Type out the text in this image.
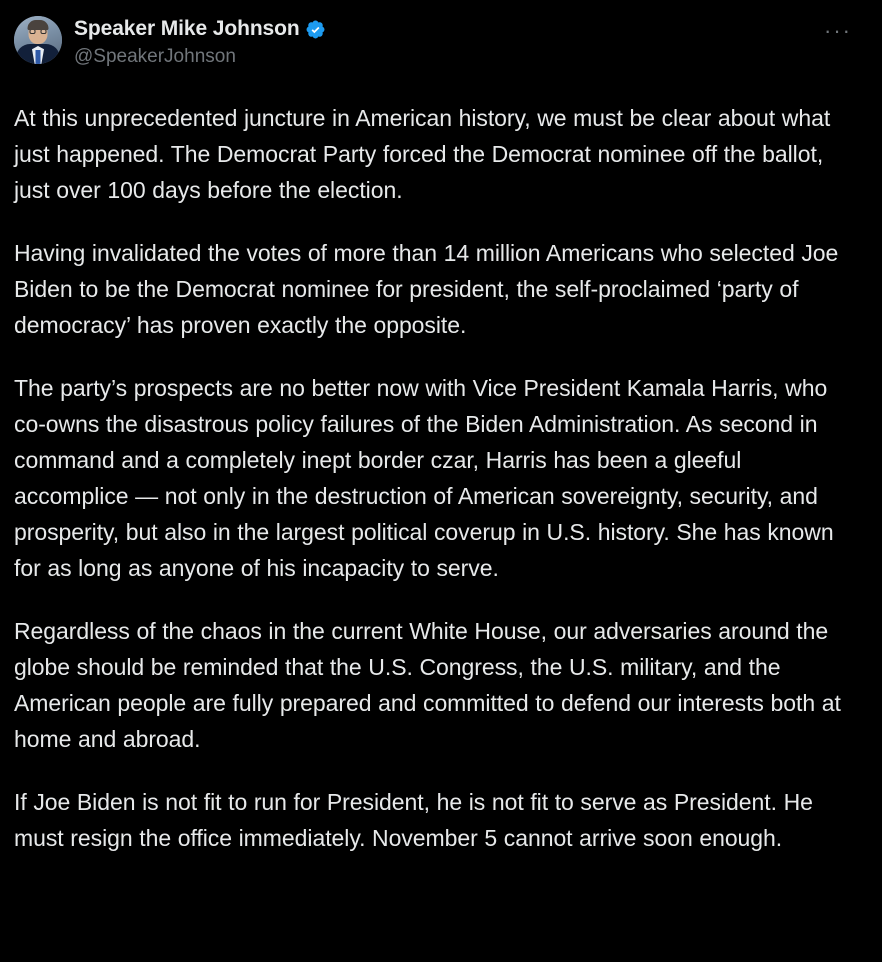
Speaker Mike Johnson
@SpeakerJohnson
···

At this unprecedented juncture in American history, we must be clear about what just happened. The Democrat Party forced the Democrat nominee off the ballot, just over 100 days before the election.

Having invalidated the votes of more than 14 million Americans who selected Joe Biden to be the Democrat nominee for president, the self-proclaimed ‘party of democracy’ has proven exactly the opposite.

The party’s prospects are no better now with Vice President Kamala Harris, who co-owns the disastrous policy failures of the Biden Administration. As second in command and a completely inept border czar, Harris has been a gleeful accomplice — not only in the destruction of American sovereignty, security, and prosperity, but also in the largest political coverup in U.S. history. She has known for as long as anyone of his incapacity to serve.

Regardless of the chaos in the current White House, our adversaries around the globe should be reminded that the U.S. Congress, the U.S. military, and the American people are fully prepared and committed to defend our interests both at home and abroad.

If Joe Biden is not fit to run for President, he is not fit to serve as President. He must resign the office immediately. November 5 cannot arrive soon enough.
